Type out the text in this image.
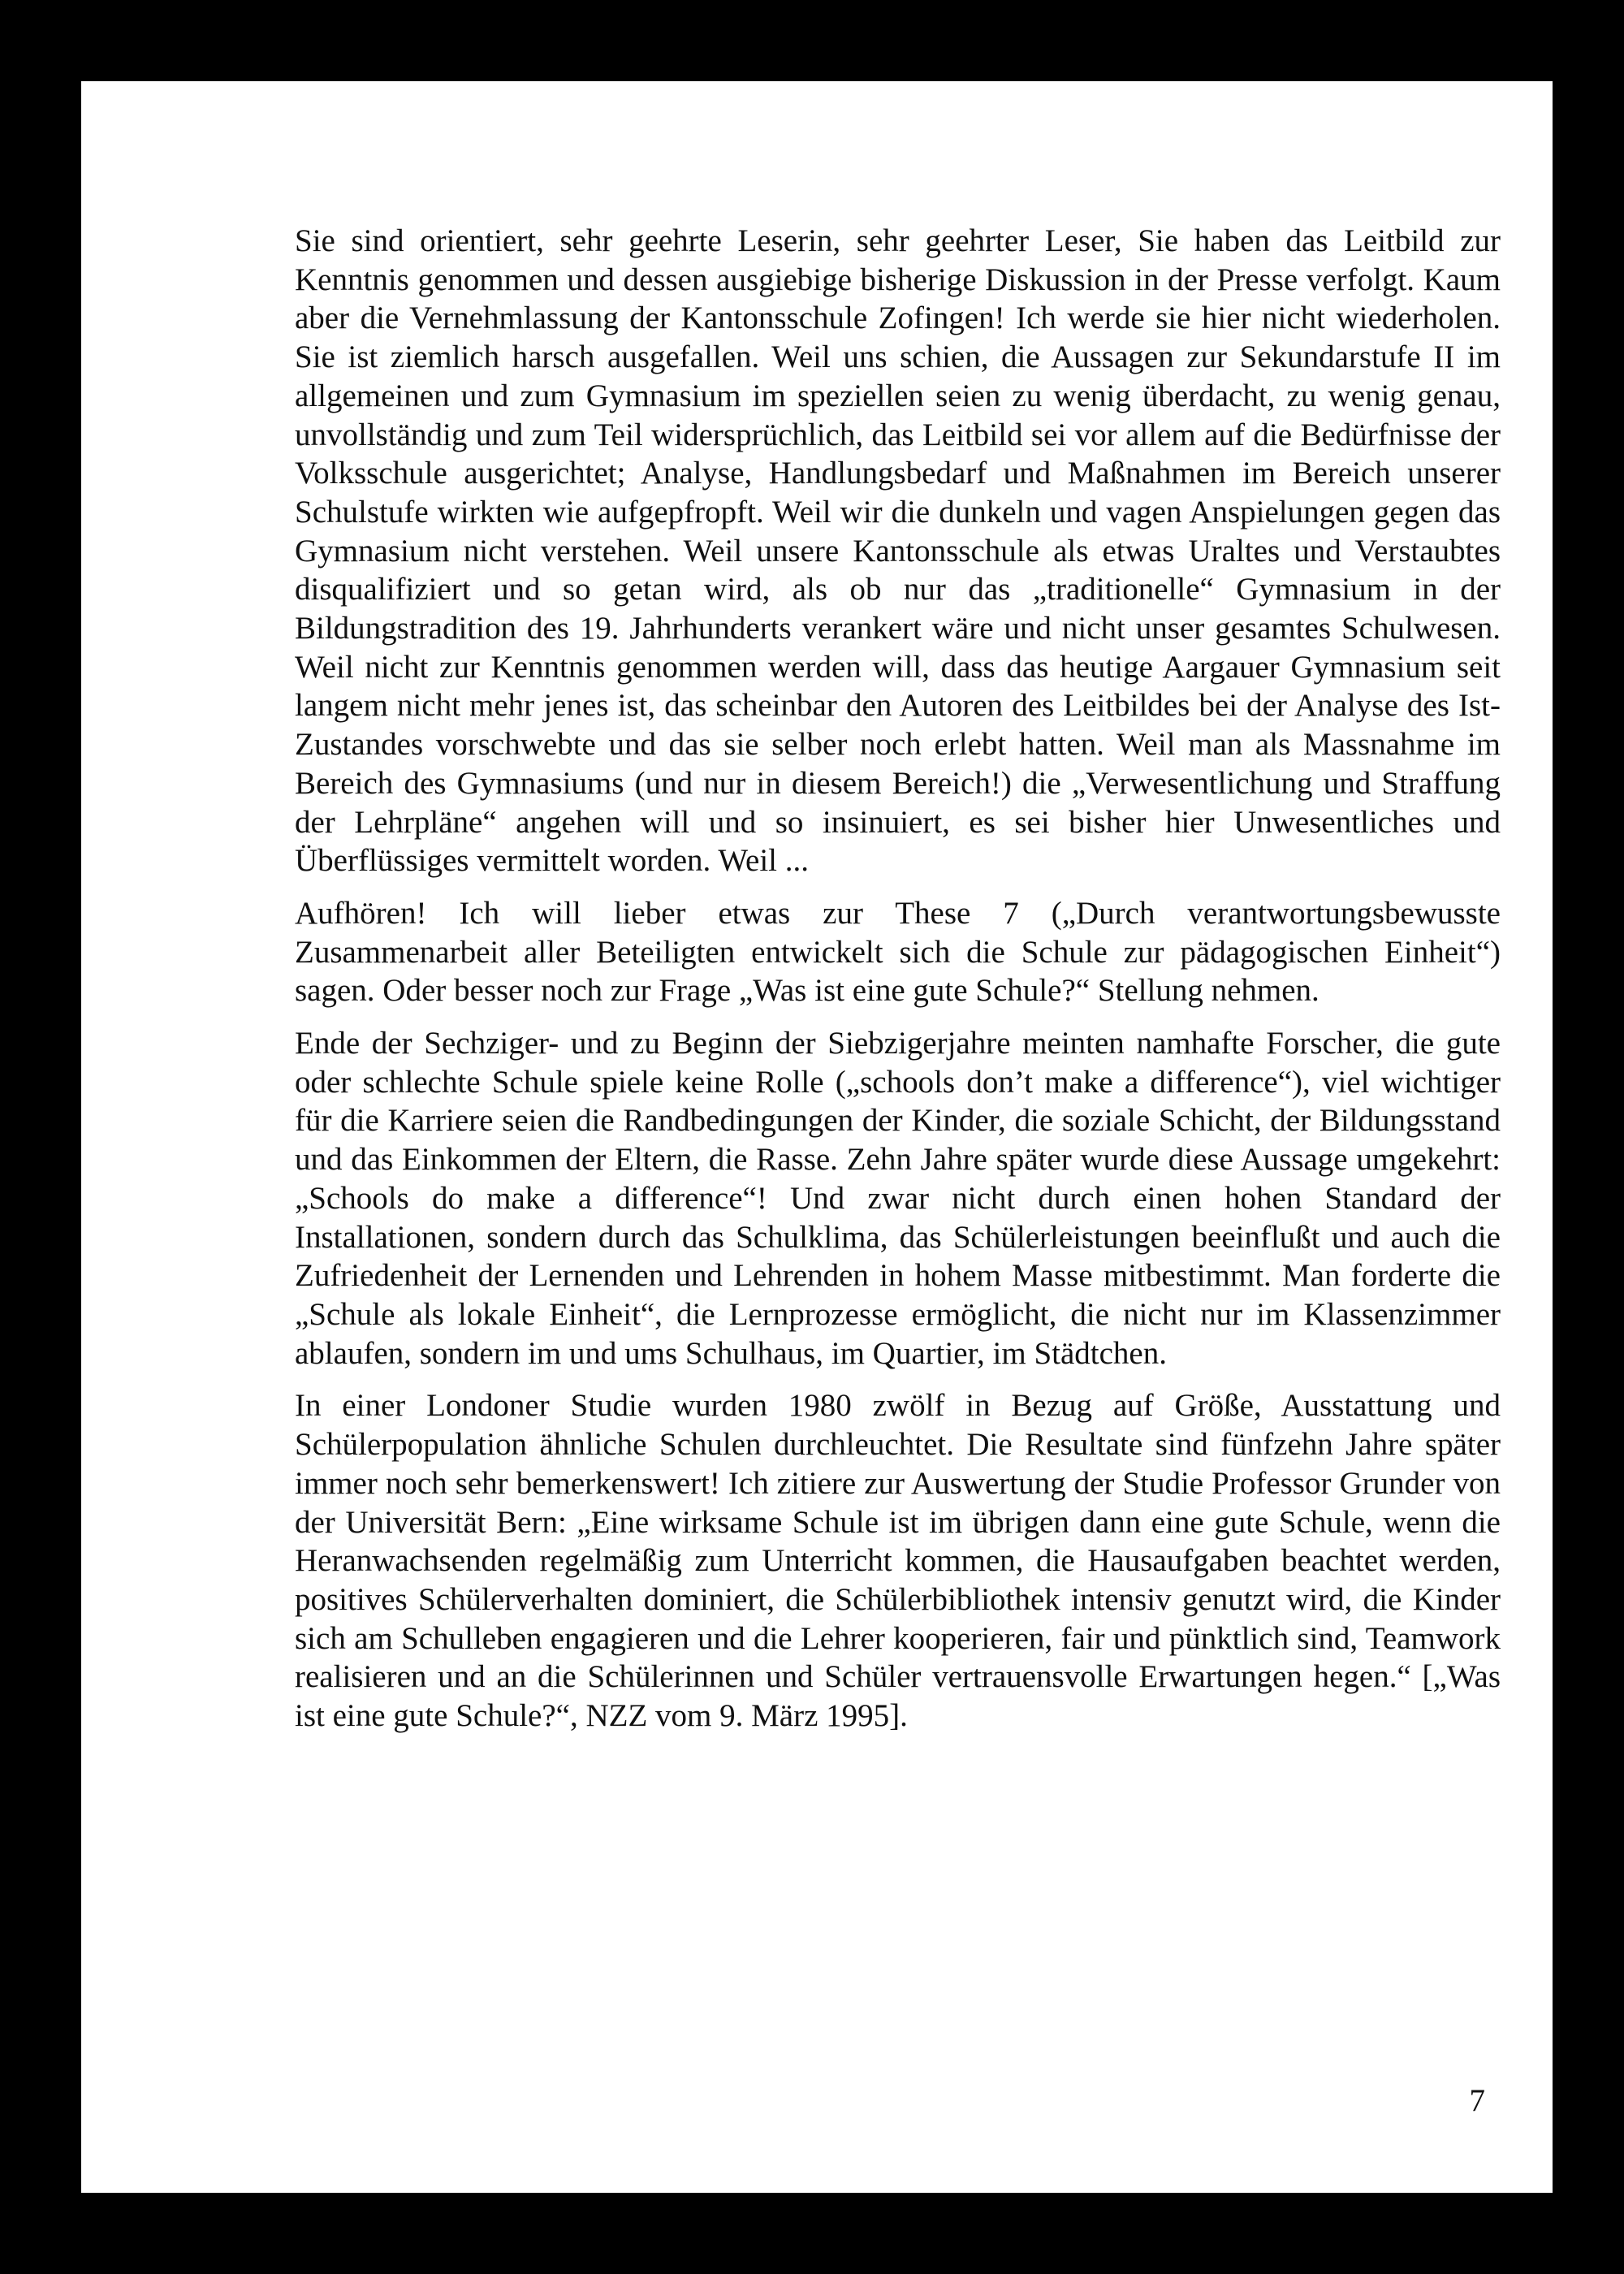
Sie sind orientiert, sehr geehrte Leserin, sehr geehrter Leser, Sie haben das Leitbild zur Kenntnis genommen und dessen ausgiebige bisherige Diskussion in der Presse verfolgt. Kaum aber die Vernehmlassung der Kantonsschule Zofingen! Ich werde sie hier nicht wiederholen. Sie ist ziemlich harsch ausgefallen. Weil uns schien, die Aussagen zur Sekundarstufe II im allgemeinen und zum Gymnasium im speziellen seien zu wenig überdacht, zu wenig genau, unvollständig und zum Teil widersprüchlich, das Leitbild sei vor allem auf die Bedürfnisse der Volksschule ausgerichtet; Analyse, Handlungsbedarf und Maßnahmen im Bereich unserer Schulstufe wirkten wie aufgepfropft. Weil wir die dunkeln und vagen Anspielungen gegen das Gymnasium nicht verstehen. Weil unsere Kantonsschule als etwas Uraltes und Verstaubtes disqualifiziert und so getan wird, als ob nur das „traditionelle“ Gymnasium in der Bildungstradition des 19. Jahrhunderts verankert wäre und nicht unser gesamtes Schulwesen. Weil nicht zur Kenntnis genommen werden will, dass das heutige Aargauer Gymnasium seit langem nicht mehr jenes ist, das scheinbar den Autoren des Leitbildes bei der Analyse des Ist-Zustandes vorschwebte und das sie selber noch erlebt hatten. Weil man als Massnahme im Bereich des Gymnasiums (und nur in diesem Bereich!) die „Verwesentlichung und Straffung der Lehrpläne“ angehen will und so insinuiert, es sei bisher hier Unwesentliches und Überflüssiges vermittelt worden. Weil ...

Aufhören! Ich will lieber etwas zur These 7 („Durch verantwortungsbewusste Zusammenarbeit aller Beteiligten entwickelt sich die Schule zur pädagogischen Einheit“) sagen. Oder besser noch zur Frage „Was ist eine gute Schule?“ Stellung nehmen.

Ende der Sechziger- und zu Beginn der Siebzigerjahre meinten namhafte Forscher, die gute oder schlechte Schule spiele keine Rolle („schools don’t make a difference“), viel wichtiger für die Karriere seien die Randbedingungen der Kinder, die soziale Schicht, der Bildungsstand und das Einkommen der Eltern, die Rasse. Zehn Jahre später wurde diese Aussage umgekehrt: „Schools do make a difference“! Und zwar nicht durch einen hohen Standard der Installationen, sondern durch das Schulklima, das Schülerleistungen beeinflußt und auch die Zufriedenheit der Lernenden und Lehrenden in hohem Masse mitbestimmt. Man forderte die „Schule als lokale Einheit“, die Lernprozesse ermöglicht, die nicht nur im Klassenzimmer ablaufen, sondern im und ums Schulhaus, im Quartier, im Städtchen.

In einer Londoner Studie wurden 1980 zwölf in Bezug auf Größe, Ausstattung und Schülerpopulation ähnliche Schulen durchleuchtet. Die Resultate sind fünfzehn Jahre später immer noch sehr bemerkenswert! Ich zitiere zur Auswertung der Studie Professor Grunder von der Universität Bern: „Eine wirksame Schule ist im übrigen dann eine gute Schule, wenn die Heranwachsenden regelmäßig zum Unterricht kommen, die Hausaufgaben beachtet werden, positives Schülerverhalten dominiert, die Schülerbibliothek intensiv genutzt wird, die Kinder sich am Schulleben engagieren und die Lehrer kooperieren, fair und pünktlich sind, Teamwork realisieren und an die Schülerinnen und Schüler vertrauensvolle Erwartungen hegen.“ [„Was ist eine gute Schule?“, NZZ vom 9. März 1995].

7
